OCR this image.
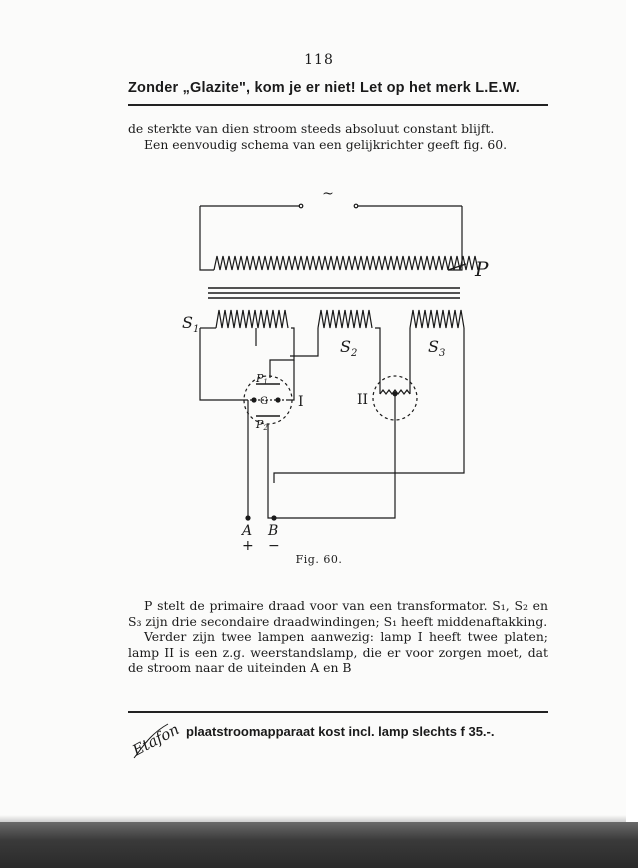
118
Zonder „Glazite", kom je er niet! Let op het merk L.E.W.

de sterkte van dien stroom steeds absoluut constant blijft.

Een eenvoudig schema van een gelijkrichter geeft fig. 60.

~
P
$S_1$
$S_2$	$S_3$
P1
P2
G I	II
A B
+ −
Fig. 60.

P stelt de primaire draad voor van een transformator. S₁, S₂ en S₃ zijn drie secondaire draadwindingen; S₁ heeft middenaftakking.

Verder zijn twee lampen aanwezig: lamp I heeft twee platen; lamp II is een z.g. weerstandslamp, die er voor zorgen moet, dat de stroom naar de uiteinden A en B

Etafon plaatstroomapparaat kost incl. lamp slechts f 35.-.
